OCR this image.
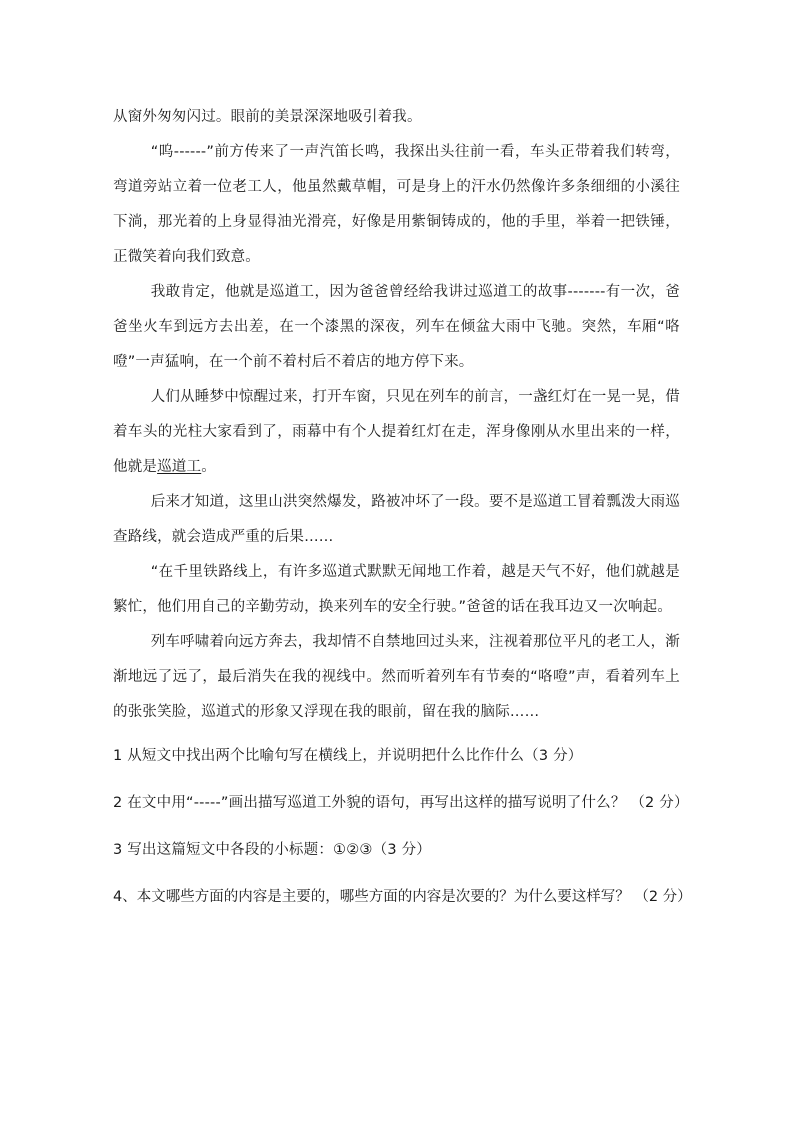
从窗外匆匆闪过。眼前的美景深深地吸引着我。

“呜------”前方传来了一声汽笛长鸣，我探出头往前一看，车头正带着我们转弯，弯道旁站立着一位老工人，他虽然戴草帽，可是身上的汗水仍然像许多条细细的小溪往下淌，那光着的上身显得油光滑亮，好像是用紫铜铸成的，他的手里，举着一把铁锤，正微笑着向我们致意。

我敢肯定，他就是巡道工，因为爸爸曾经给我讲过巡道工的故事-------有一次，爸爸坐火车到远方去出差，在一个漆黑的深夜，列车在倾盆大雨中飞驰。突然，车厢“咯噔”一声猛响，在一个前不着村后不着店的地方停下来。

人们从睡梦中惊醒过来，打开车窗，只见在列车的前言，一盏红灯在一晃一晃，借着车头的光柱大家看到了，雨幕中有个人提着红灯在走，浑身像刚从水里出来的一样，他就是巡道工。

后来才知道，这里山洪突然爆发，路被冲坏了一段。要不是巡道工冒着瓢泼大雨巡查路线，就会造成严重的后果……

“在千里铁路线上，有许多巡道式默默无闻地工作着，越是天气不好，他们就越是繁忙，他们用自己的辛勤劳动，换来列车的安全行驶。”爸爸的话在我耳边又一次响起。

列车呼啸着向远方奔去，我却情不自禁地回过头来，注视着那位平凡的老工人，渐渐地远了远了，最后消失在我的视线中。然而听着列车有节奏的“咯噔”声，看着列车上的张张笑脸，巡道式的形象又浮现在我的眼前，留在我的脑际……

1 从短文中找出两个比喻句写在横线上，并说明把什么比作什么（3 分）

2 在文中用“-----”画出描写巡道工外貌的语句，再写出这样的描写说明了什么？ （2 分）

3 写出这篇短文中各段的小标题：①②③（3 分）

4、本文哪些方面的内容是主要的，哪些方面的内容是次要的？为什么要这样写？ （2 分）
